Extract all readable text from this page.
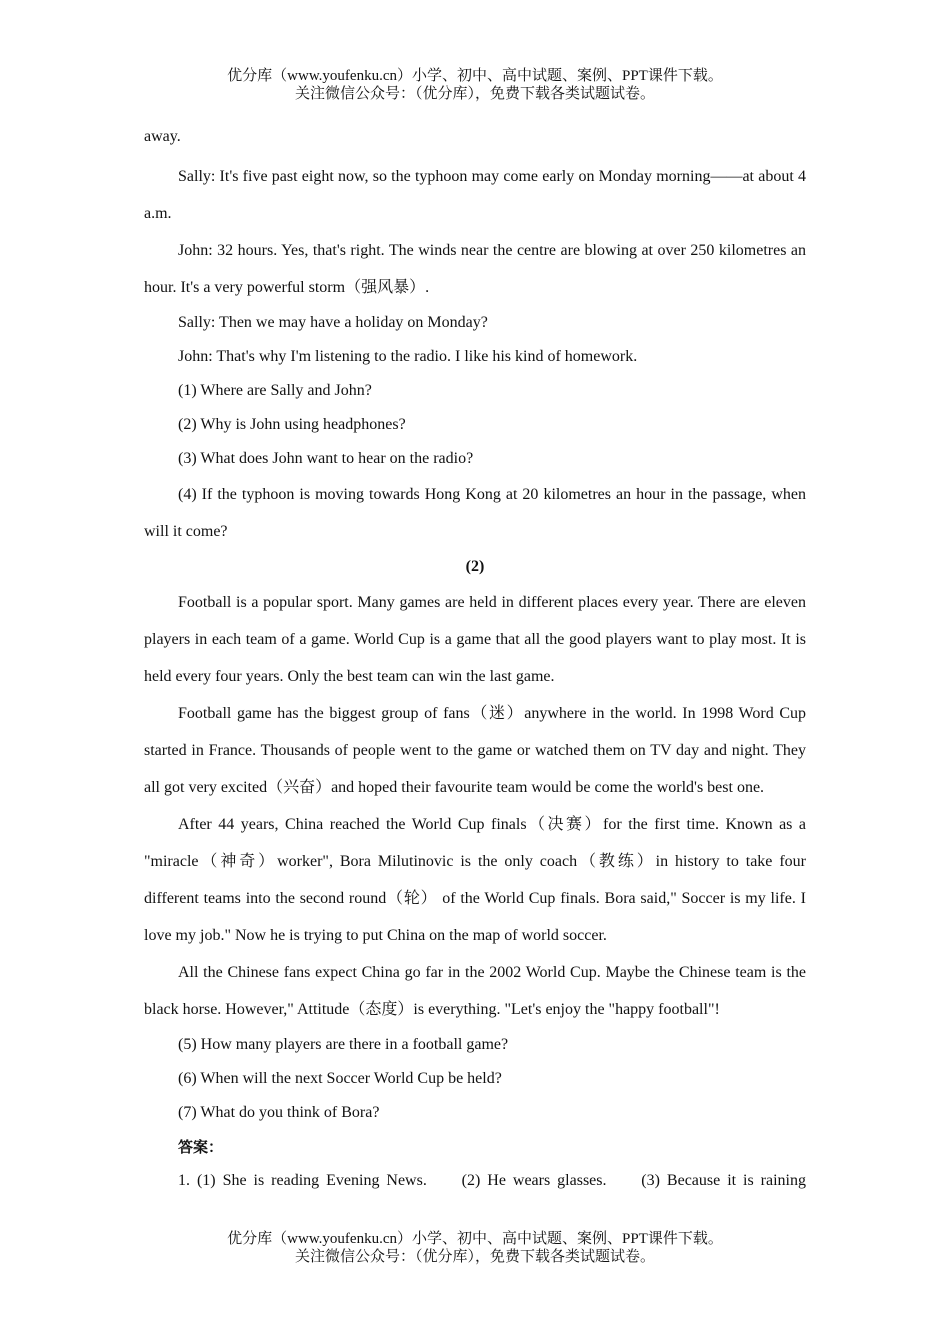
优分库（www.youfenku.cn）小学、初中、高中试题、案例、PPT课件下载。
关注微信公众号：（优分库），免费下载各类试题试卷。

away.

Sally: It's five past eight now, so the typhoon may come early on Monday morning——at about 4 a.m.

John: 32 hours. Yes, that's right. The winds near the centre are blowing at over 250 kilometres an hour. It's a very powerful storm（强风暴）.

Sally: Then we may have a holiday on Monday?

John: That's why I'm listening to the radio. I like his kind of homework.

(1) Where are Sally and John?

(2) Why is John using headphones?

(3) What does John want to hear on the radio?

(4) If the typhoon is moving towards Hong Kong at 20 kilometres an hour in the passage, when will it come?

(2)

Football is a popular sport. Many games are held in different places every year. There are eleven players in each team of a game. World Cup is a game that all the good players want to play most. It is held every four years. Only the best team can win the last game.

Football game has the biggest group of fans（迷）anywhere in the world. In 1998 Word Cup started in France. Thousands of people went to the game or watched them on TV day and night. They all got very excited（兴奋）and hoped their favourite team would be come the world's best one.

After 44 years, China reached the World Cup finals（决赛）for the first time. Known as a "miracle（神奇）worker", Bora Milutinovic is the only coach（教练）in history to take four different teams into the second round（轮） of the World Cup finals. Bora said," Soccer is my life. I love my job." Now he is trying to put China on the map of world soccer.

All the Chinese fans expect China go far in the 2002 World Cup. Maybe the Chinese team is the black horse. However," Attitude（态度）is everything. "Let's enjoy the "happy football"!

(5) How many players are there in a football game?

(6) When will the next Soccer World Cup be held?

(7) What do you think of Bora?

答案：

1. (1) She is reading Evening News.     (2) He wears glasses.     (3) Because it is raining

优分库（www.youfenku.cn）小学、初中、高中试题、案例、PPT课件下载。
关注微信公众号：（优分库），免费下载各类试题试卷。
